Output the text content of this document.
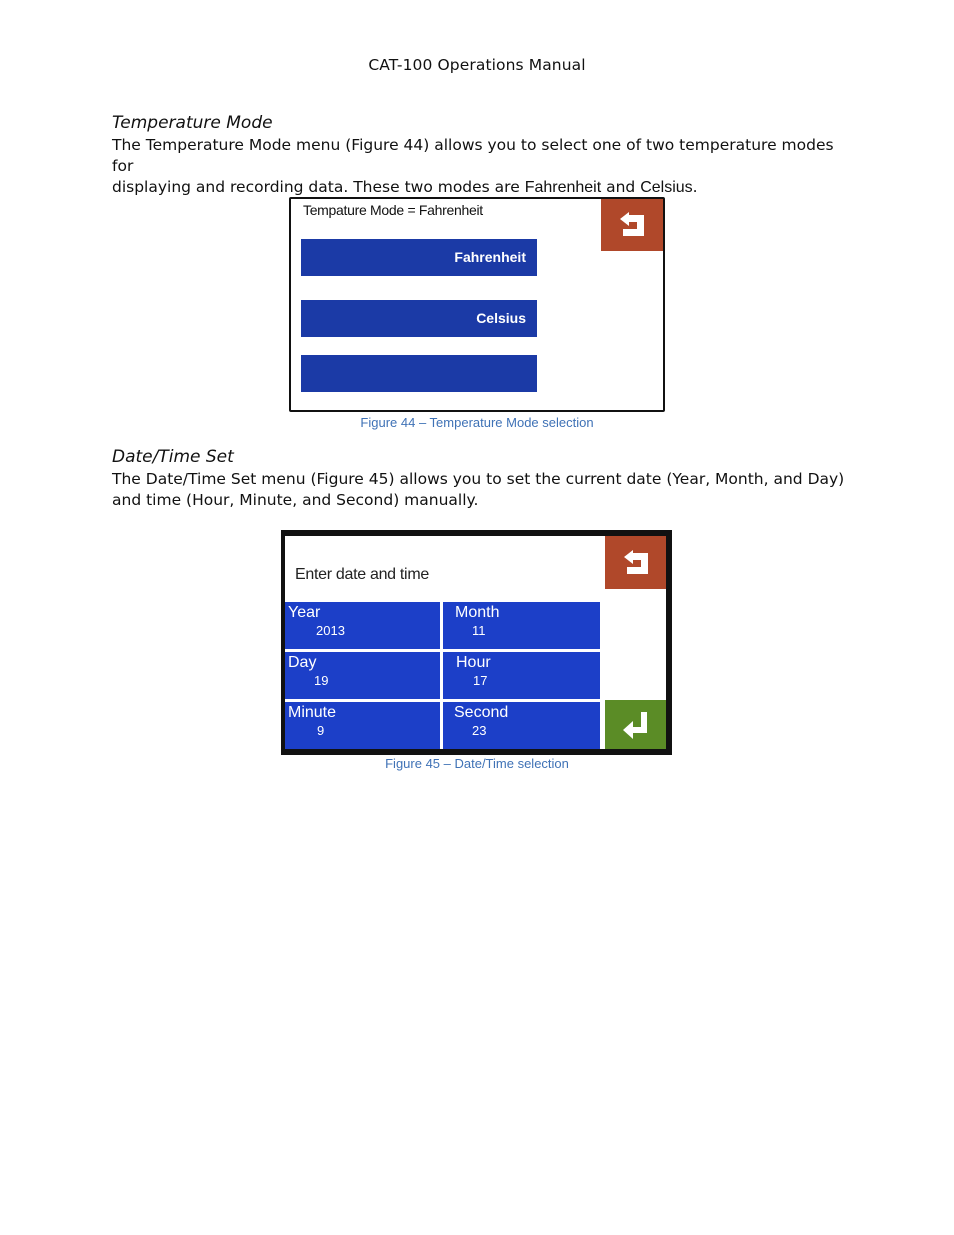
CAT-100 Operations Manual
Temperature Mode
The Temperature Mode menu (Figure 44) allows you to select one of two temperature modes for
displaying and recording data. These two modes are Fahrenheit and Celsius.
Tempature Mode = Fahrenheit
Fahrenheit
Celsius
Figure 44 – Temperature Mode selection
Date/Time Set
The Date/Time Set menu (Figure 45) allows you to set the current date (Year, Month, and Day)
and time (Hour, Minute, and Second) manually.
Enter date and time
Year
2013
Month
11
Day
19
Hour
17
Minute
9
Second
23
Figure 45 – Date/Time selection
